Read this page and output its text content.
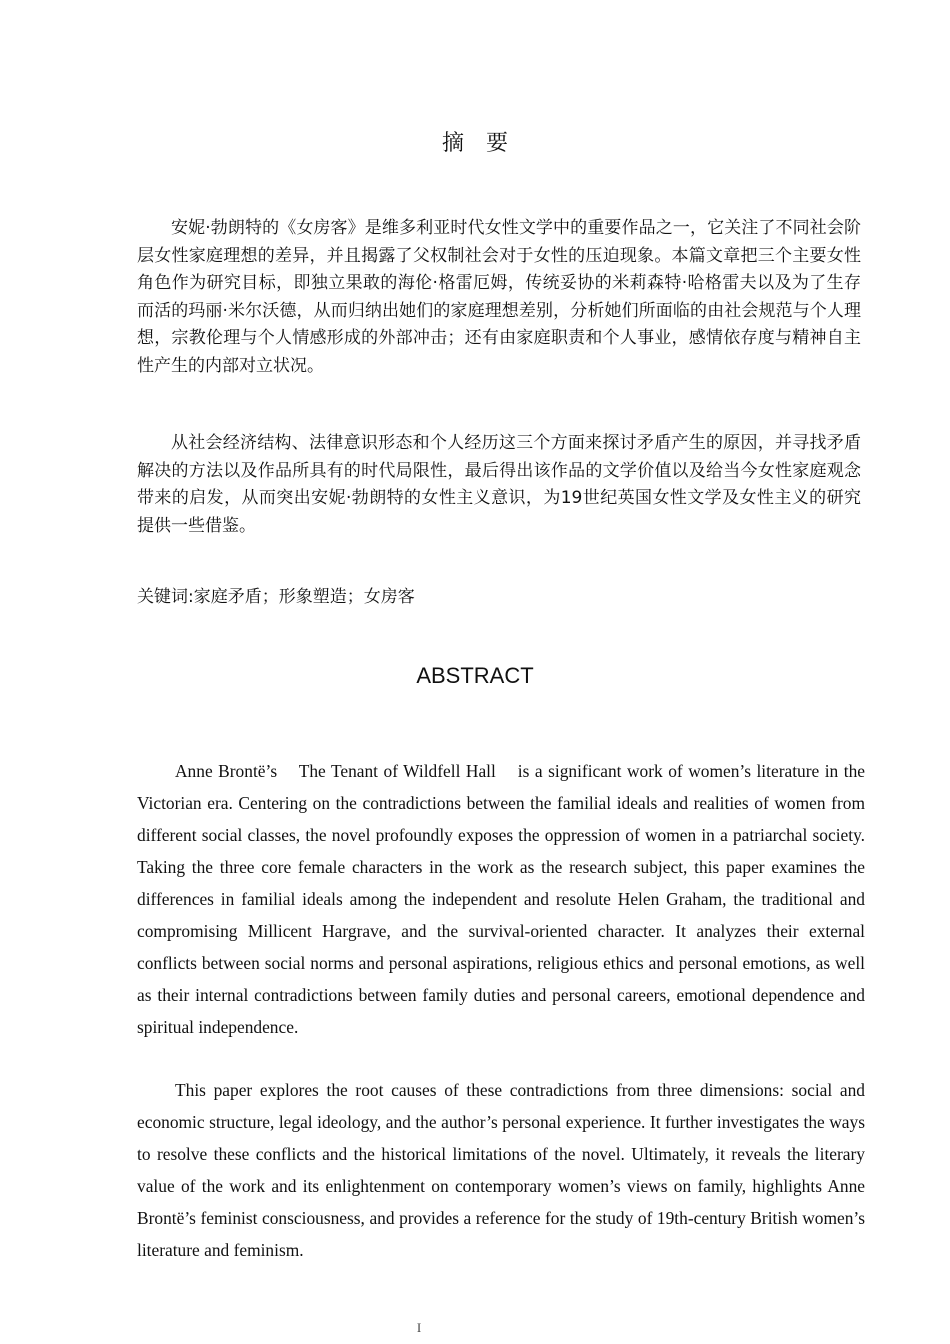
摘 要

安妮·勃朗特的《女房客》是维多利亚时代女性文学中的重要作品之一，它关注了不同社会阶层女性家庭理想的差异，并且揭露了父权制社会对于女性的压迫现象。本篇文章把三个主要女性角色作为研究目标，即独立果敢的海伦·格雷厄姆，传统妥协的米莉森特·哈格雷夫以及为了生存而活的玛丽·米尔沃德，从而归纳出她们的家庭理想差别，分析她们所面临的由社会规范与个人理想，宗教伦理与个人情感形成的外部冲击；还有由家庭职责和个人事业，感情依存度与精神自主性产生的内部对立状况。

从社会经济结构、法律意识形态和个人经历这三个方面来探讨矛盾产生的原因，并寻找矛盾解决的方法以及作品所具有的时代局限性，最后得出该作品的文学价值以及给当今女性家庭观念带来的启发，从而突出安妮·勃朗特的女性主义意识，为19世纪英国女性文学及女性主义的研究提供一些借鉴。

关键词:家庭矛盾；形象塑造；女房客
ABSTRACT

Anne Brontë’s    The Tenant of Wildfell Hall    is a significant work of women’s literature in the Victorian era. Centering on the contradictions between the familial ideals and realities of women from different social classes, the novel profoundly exposes the oppression of women in a patriarchal society. Taking the three core female characters in the work as the research subject, this paper examines the differences in familial ideals among the independent and resolute Helen Graham, the traditional and compromising Millicent Hargrave, and the survival-oriented character. It analyzes their external conflicts between social norms and personal aspirations, religious ethics and personal emotions, as well as their internal contradictions between family duties and personal careers, emotional dependence and spiritual independence.

This paper explores the root causes of these contradictions from three dimensions: social and economic structure, legal ideology, and the author’s personal experience. It further investigates the ways to resolve these conflicts and the historical limitations of the novel. Ultimately, it reveals the literary value of the work and its enlightenment on contemporary women’s views on family, highlights Anne Brontë’s feminist consciousness, and provides a reference for the study of 19th-century British women’s literature and feminism.

I
